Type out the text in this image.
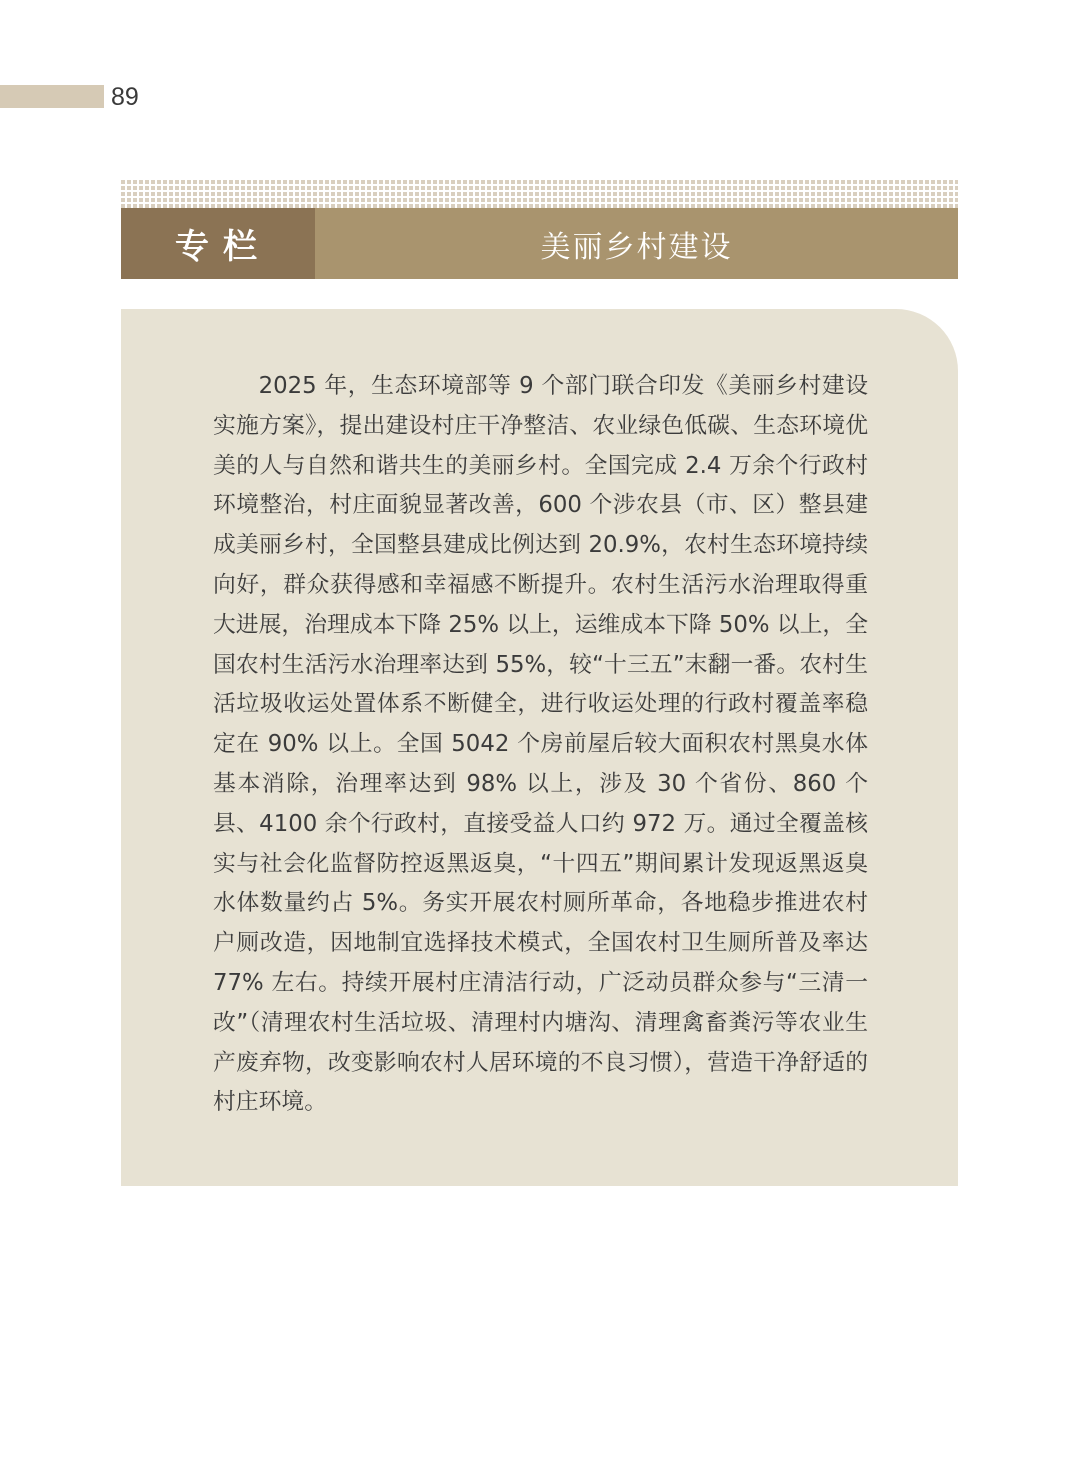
89
专栏	美丽乡村建设

2025 年，生态环境部等 9 个部门联合印发《美丽乡村建设实施方案》，提出建设村庄干净整洁、农业绿色低碳、生态环境优美的人与自然和谐共生的美丽乡村。全国完成 2.4 万余个行政村环境整治，村庄面貌显著改善，600 个涉农县（市、区）整县建成美丽乡村，全国整县建成比例达到 20.9%，农村生态环境持续向好，群众获得感和幸福感不断提升。农村生活污水治理取得重大进展，治理成本下降 25% 以上，运维成本下降 50% 以上，全国农村生活污水治理率达到 55%，较“十三五”末翻一番。农村生活垃圾收运处置体系不断健全，进行收运处理的行政村覆盖率稳定在 90% 以上。全国 5042 个房前屋后较大面积农村黑臭水体基本消除，治理率达到 98% 以上，涉及 30 个省份、860 个县、4100 余个行政村，直接受益人口约 972 万。通过全覆盖核实与社会化监督防控返黑返臭，“十四五”期间累计发现返黑返臭水体数量约占 5%。务实开展农村厕所革命，各地稳步推进农村户厕改造，因地制宜选择技术模式，全国农村卫生厕所普及率达 77% 左右。持续开展村庄清洁行动，广泛动员群众参与“三清一改”（清理农村生活垃圾、清理村内塘沟、清理禽畜粪污等农业生产废弃物，改变影响农村人居环境的不良习惯），营造干净舒适的村庄环境。
